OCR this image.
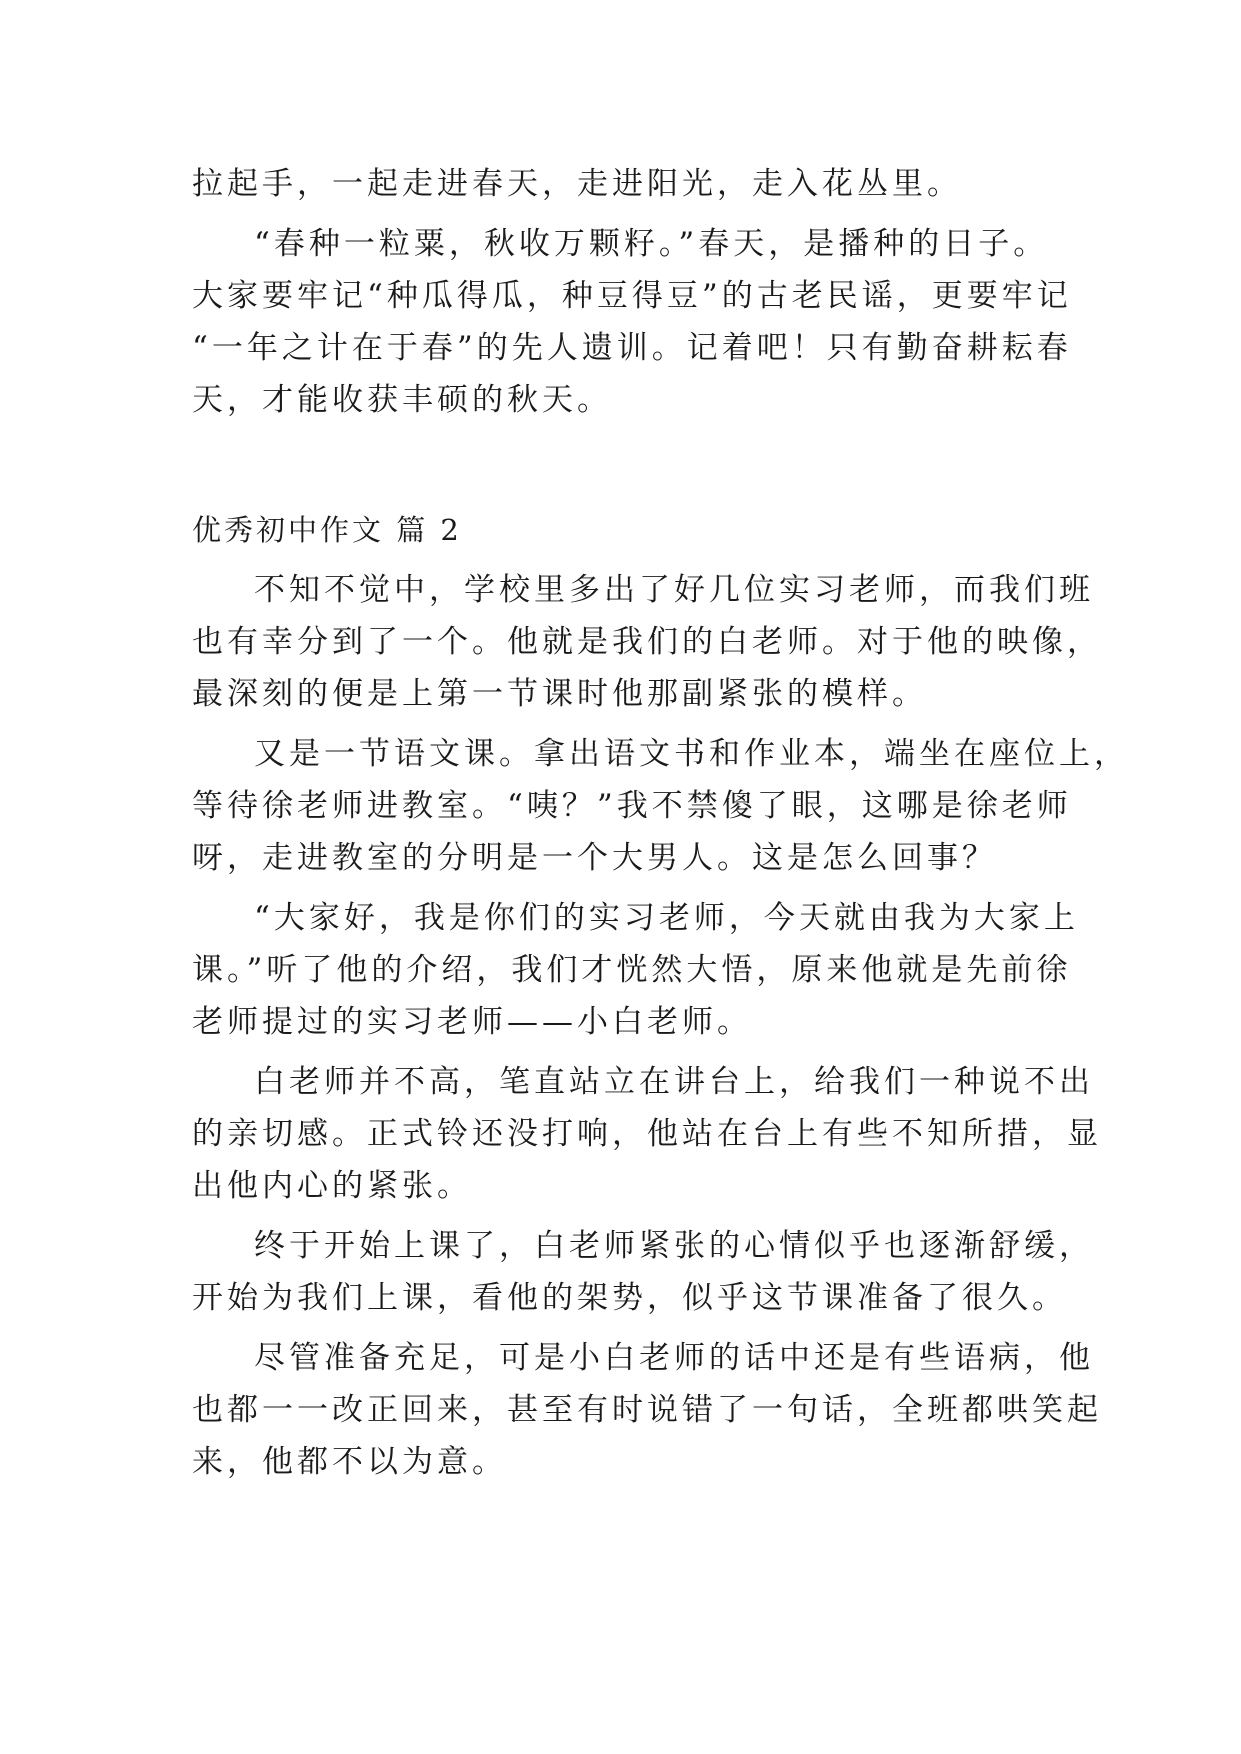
拉起手，一起走进春天，走进阳光，走入花丛里。
“春种一粒粟，秋收万颗籽。”春天，是播种的日子。
大家要牢记“种瓜得瓜，种豆得豆”的古老民谣，更要牢记
“一年之计在于春”的先人遗训。记着吧！只有勤奋耕耘春
天，才能收获丰硕的秋天。
优秀初中作文 篇 2
不知不觉中，学校里多出了好几位实习老师，而我们班
也有幸分到了一个。他就是我们的白老师。对于他的映像，
最深刻的便是上第一节课时他那副紧张的模样。
又是一节语文课。拿出语文书和作业本，端坐在座位上，
等待徐老师进教室。“咦？”我不禁傻了眼，这哪是徐老师
呀，走进教室的分明是一个大男人。这是怎么回事？
“大家好，我是你们的实习老师，今天就由我为大家上
课。”听了他的介绍，我们才恍然大悟，原来他就是先前徐
老师提过的实习老师——小白老师。
白老师并不高，笔直站立在讲台上，给我们一种说不出
的亲切感。正式铃还没打响，他站在台上有些不知所措，显
出他内心的紧张。
终于开始上课了，白老师紧张的心情似乎也逐渐舒缓，
开始为我们上课，看他的架势，似乎这节课准备了很久。
尽管准备充足，可是小白老师的话中还是有些语病，他
也都一一改正回来，甚至有时说错了一句话，全班都哄笑起
来，他都不以为意。
